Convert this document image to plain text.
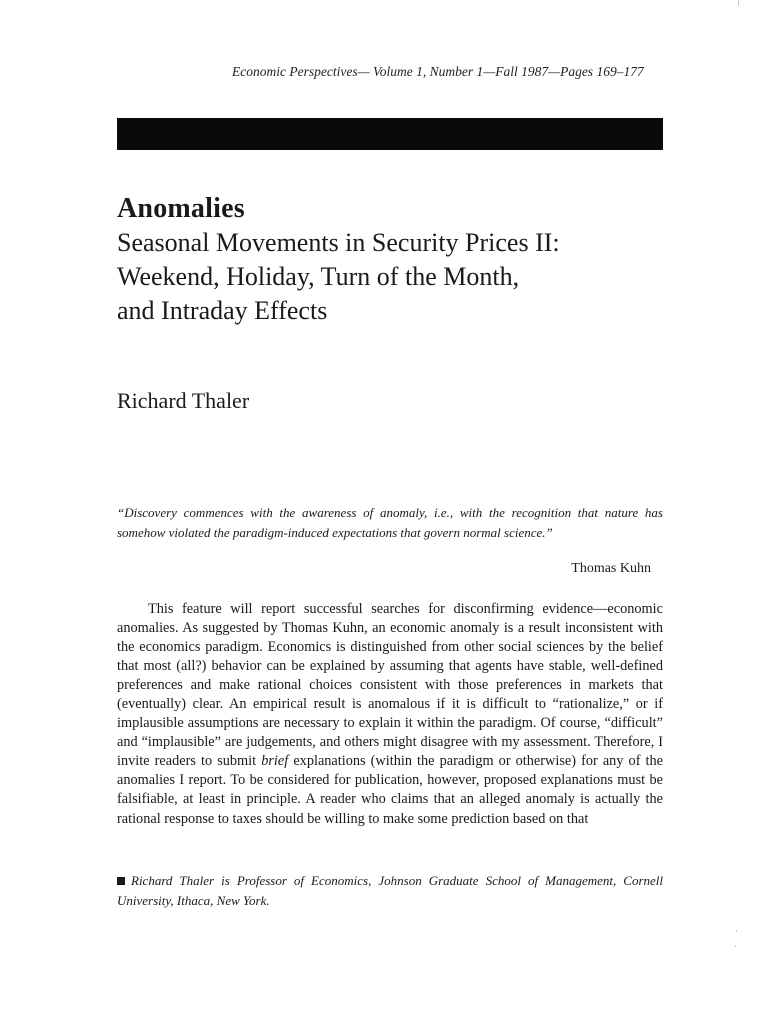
Economic Perspectives— Volume 1, Number 1—Fall 1987—Pages 169–177
Anomalies
Seasonal Movements in Security Prices II:
Weekend, Holiday, Turn of the Month,
and Intraday Effects
Richard Thaler

“Discovery commences with the awareness of anomaly, i.e., with the recognition that nature has somehow violated the paradigm-induced expectations that govern normal science.”

Thomas Kuhn

This feature will report successful searches for disconfirming evidence—economic anomalies. As suggested by Thomas Kuhn, an economic anomaly is a result inconsistent with the economics paradigm. Economics is distinguished from other social sciences by the belief that most (all?) behavior can be explained by assuming that agents have stable, well-defined preferences and make rational choices consistent with those preferences in markets that (eventually) clear. An empirical result is anomalous if it is difficult to “rationalize,” or if implausible assumptions are necessary to explain it within the paradigm. Of course, “difficult” and “implausible” are judgements, and others might disagree with my assessment. Therefore, I invite readers to submit brief explanations (within the paradigm or otherwise) for any of the anomalies I report. To be considered for publication, however, proposed explanations must be falsifiable, at least in principle. A reader who claims that an alleged anomaly is actually the rational response to taxes should be willing to make some prediction based on that

Richard Thaler is Professor of Economics, Johnson Graduate School of Management, Cornell University, Ithaca, New York.
